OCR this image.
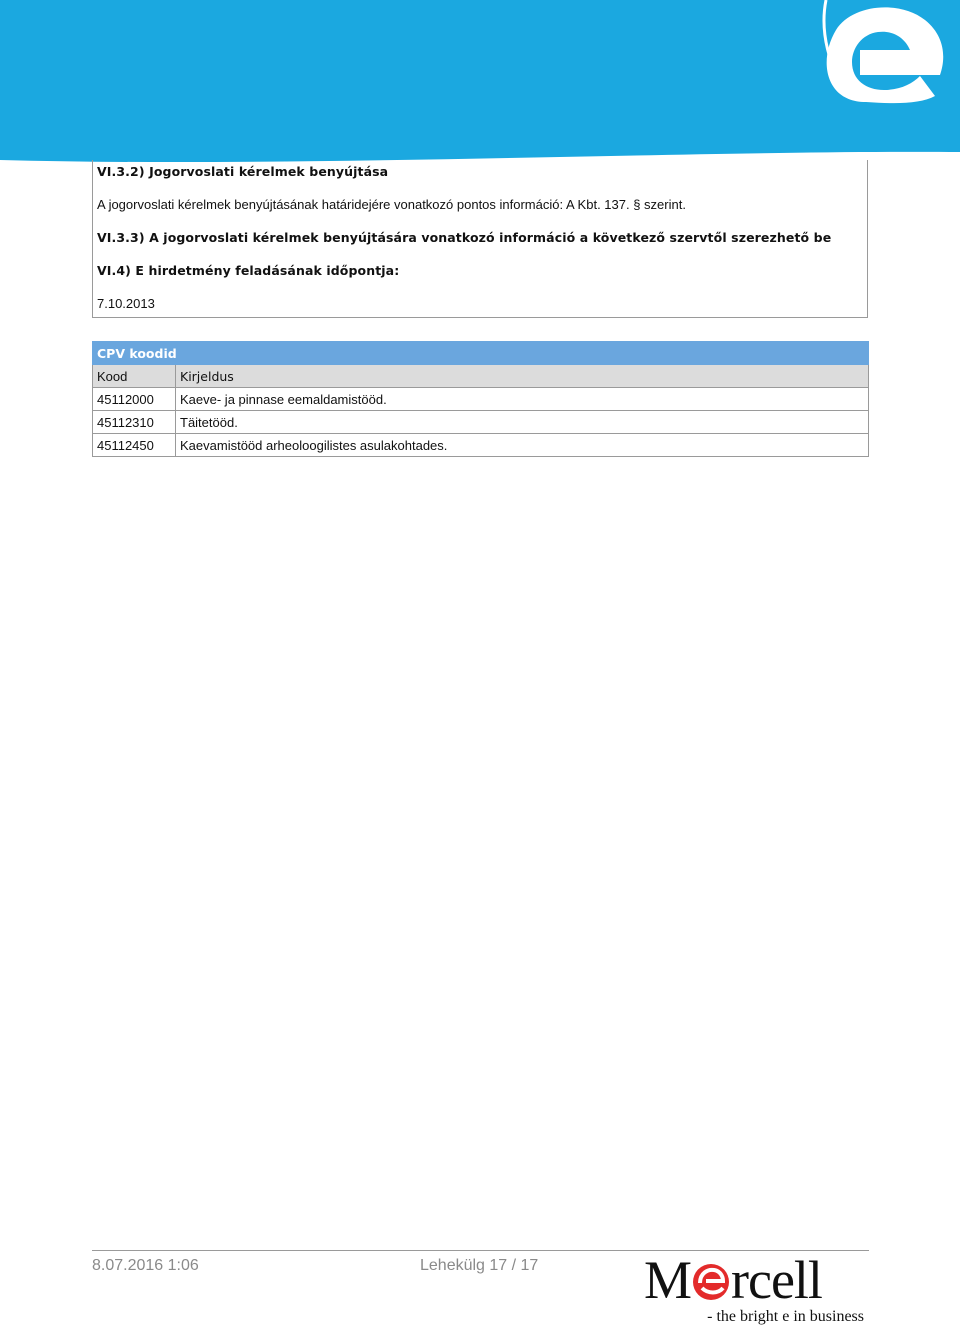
VI.3.2) Jogorvoslati kérelmek benyújtása
A jogorvoslati kérelmek benyújtásának határidejére vonatkozó pontos információ: A Kbt. 137. § szerint.
VI.3.3) A jogorvoslati kérelmek benyújtására vonatkozó információ a következő szervtől szerezhető be
VI.4) E hirdetmény feladásának időpontja:
7.10.2013
CPV koodid	
Kood	Kirjeldus
45112000	Kaeve- ja pinnase eemaldamistööd.
45112310	Täitetööd.
45112450	Kaevamistööd arheoloogilistes asulakohtades.
8.07.2016 1:06	Lehekülg 17 / 17 M rcell
- the bright e in business
